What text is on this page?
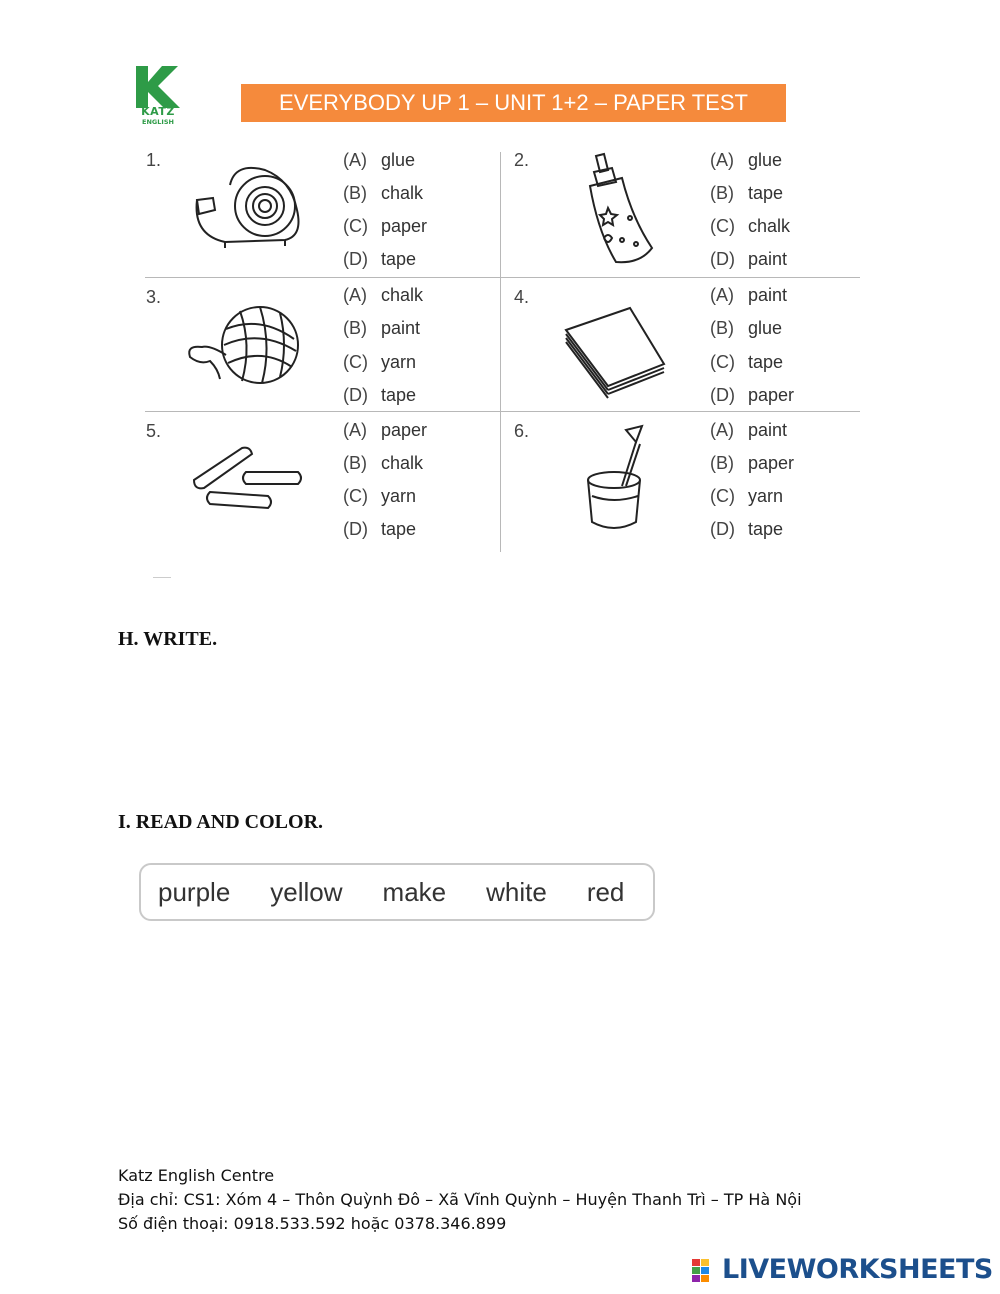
KATZ
ENGLISH
EVERYBODY UP 1 – UNIT 1+2 – PAPER TEST
1.	(A) glue
(B) chalk
(C) paper
(D) tape
2.	(A) glue
(B) tape
(C) chalk
(D) paint
3.	(A) chalk
(B) paint
(C) yarn
(D) tape
4.	(A) paint
(B) glue
(C) tape
(D) paper
5.	(A) paper
(B) chalk
(C) yarn
(D) tape
6.	(A) paint
(B) paper
(C) yarn
(D) tape
H. WRITE.
I. READ AND COLOR.
purple yellow make white red
Katz English Centre
Địa chỉ: CS1: Xóm 4 – Thôn Quỳnh Đô – Xã Vĩnh Quỳnh – Huyện Thanh Trì – TP Hà Nội
Số điện thoại: 0918.533.592 hoặc 0378.346.899
LIVEWORKSHEETS
